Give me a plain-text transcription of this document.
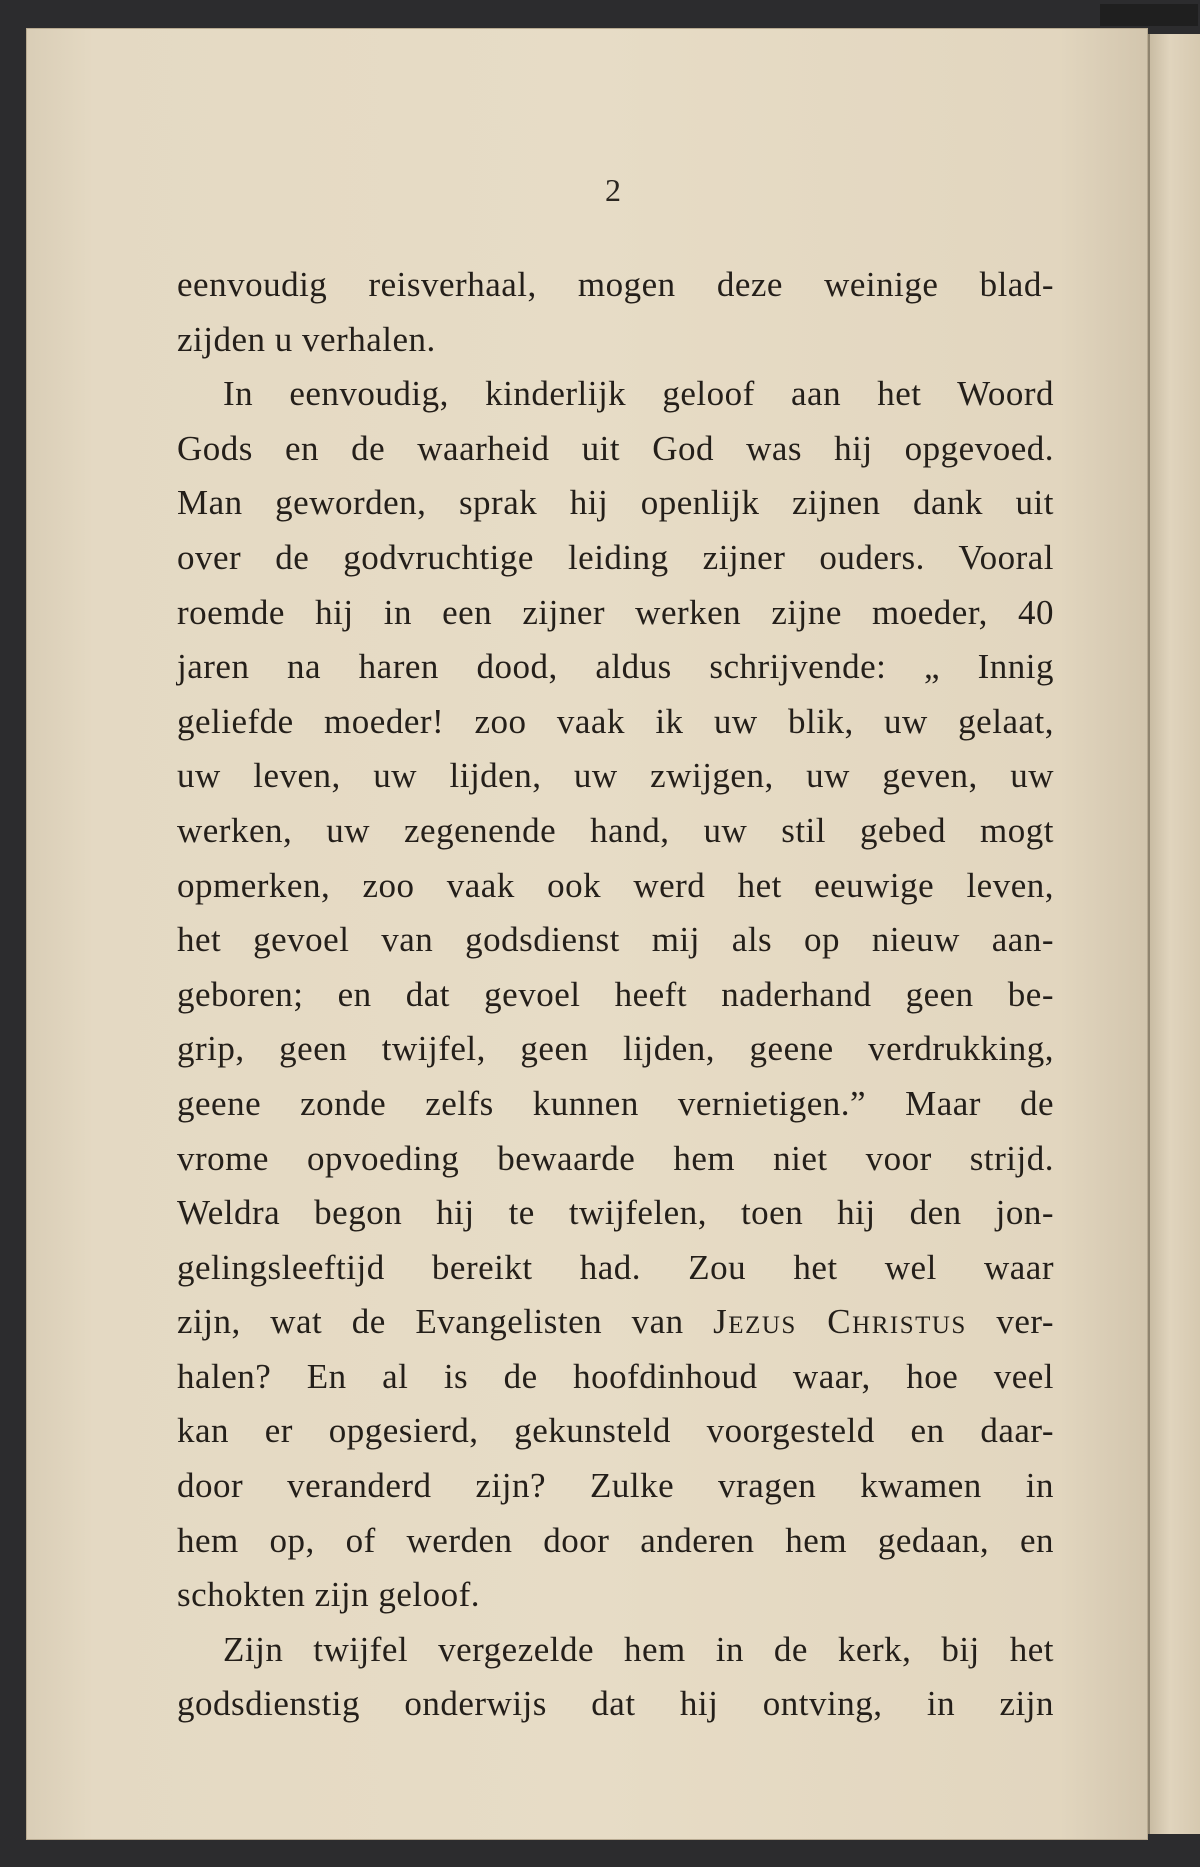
2
eenvoudig reisverhaal, mogen deze weinige blad-
zijden u verhalen.
In eenvoudig, kinderlijk geloof aan het Woord
Gods en de waarheid uit God was hij opgevoed.
Man geworden, sprak hij openlijk zijnen dank uit
over de godvruchtige leiding zijner ouders. Vooral
roemde hij in een zijner werken zijne moeder, 40
jaren na haren dood, aldus schrijvende: „ Innig
geliefde moeder! zoo vaak ik uw blik, uw gelaat,
uw leven, uw lijden, uw zwijgen, uw geven, uw
werken, uw zegenende hand, uw stil gebed mogt
opmerken, zoo vaak ook werd het eeuwige leven,
het gevoel van godsdienst mij als op nieuw aan-
geboren; en dat gevoel heeft naderhand geen be-
grip, geen twijfel, geen lijden, geene verdrukking,
geene zonde zelfs kunnen vernietigen.” Maar de
vrome opvoeding bewaarde hem niet voor strijd.
Weldra begon hij te twijfelen, toen hij den jon-
gelingsleeftijd bereikt had. Zou het wel waar
zijn, wat de Evangelisten van Jezus Christus ver-
halen? En al is de hoofdinhoud waar, hoe veel
kan er opgesierd, gekunsteld voorgesteld en daar-
door veranderd zijn? Zulke vragen kwamen in
hem op, of werden door anderen hem gedaan, en
schokten zijn geloof.
Zijn twijfel vergezelde hem in de kerk, bij het
godsdienstig onderwijs dat hij ontving, in zijn
